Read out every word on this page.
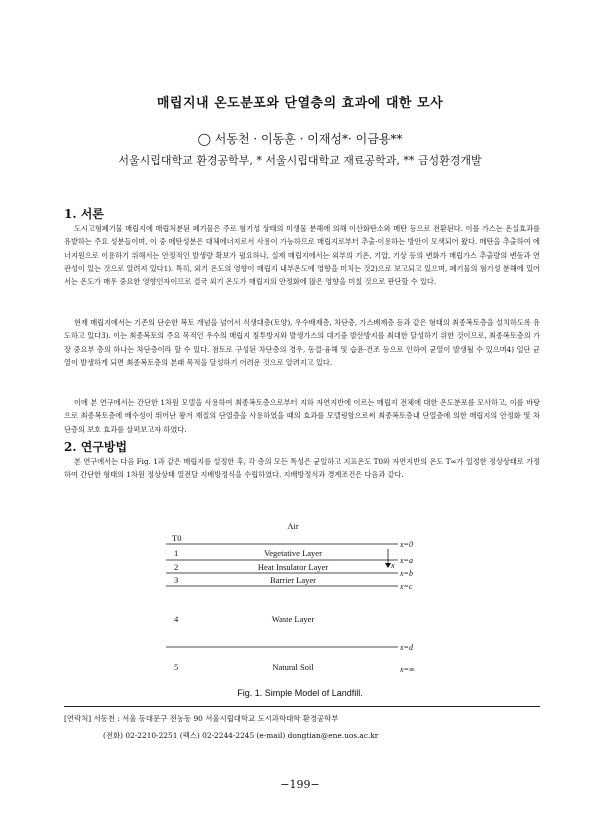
매립지내 온도분포와 단열층의 효과에 대한 모사
◯ 서동천 · 이동훈 · 이재성*· 이금용**
서울시립대학교 환경공학부, * 서울시립대학교 재료공학과, ** 금성환경개발
1. 서론
도시고형폐기물 매립지에 매립처분된 폐기물은 주로 혐기성 상태의 미생물 분해에 의해 이산화탄소와 메탄 등으로 전환된다. 이를 가스는 온실효과를 유발하는 주요 성분들이며, 이 중 메탄성분은 대체에너지로서 사용이 가능하므로 매립지로부터 추출·이용하는 방안이 모색되어 왔다. 메탄을 추출하여 에너지원으로 이용하기 위해서는 안정적인 발생량 확보가 필요하나, 실제 매립지에서는 외부의 기온, 기압, 기상 등의 변화가 매립가스 추출량의 변동과 연관성이 있는 것으로 알려져 있다1). 특히, 외기 온도의 영향이 매립지 내부온도에 영향을 미치는 것2)으로 보고되고 있으며, 폐기물의 혐기성 분해에 있어서는 온도가 매우 중요한 영향인자이므로 결국 외기 온도가 매립지의 안정화에 많은 영향을 미칠 것으로 판단할 수 있다.
현재 매립지에서는 기존의 단순한 복토 개념을 넘어서 식생대층(토양), 우수배제층, 차단층, 가스배제층 등과 같은 형태의 최종복토층을 설치하도록 유도하고 있다3). 이는 최종복토의 주요 목적인 우수의 매립지 침투방지와 발생가스의 대기중 발산방지를 최대한 달성하기 위한 것이므로, 최종복토층의 가장 중요부 층의 하나는 차단층이라 할 수 있다. 점토로 구성된 차단층의 경우, 동결·융해 및 습윤·건조 등으로 인하여 균열이 발생될 수 있으며4) 일단 균열이 발생하게 되면 최종복토층의 본래 목적을 달성하기 어려운 것으로 알려지고 있다.
이에 본 연구에서는 간단한 1차원 모델을 사용하여 최종복토층으로부터 지하 자연지반에 이르는 매립지 전체에 대한 온도분포를 모사하고, 이를 바탕으로 최종복토층에 배수성이 뛰어난 왕겨 재질의 단열층을 사용하였을 때의 효과를 모델링함으로써 최종복토층내 단열층에 의한 매립지의 안정화 및 차단층의 보호 효과를 살펴보고자 하였다.
2. 연구방법
본 연구에서는 다음 Fig. 1과 같은 매립지를 설정한 후, 각 층의 모든 특성은 균일하고 지표온도 T0와 자연지반의 온도 T∞가 일정한 정상상태로 가정하여 간단한 형태의 1차원 정상상태 열전달 지배방정식을 수립하였다. 지배방정식과 경계조건은 다음과 같다.
Air
T0
x=0
1	Vegetative Layer
x=a
2	Heat Insulator Layer
x=b
3	Barrier Layer
x=c
x
4	Waste Layer
x=d
5	Natural Soil	x=∞
Fig. 1. Simple Model of Landfill.
[연락처] 서동천 : 서울 동대문구 전농동 90 서울시립대학교 도시과학대학 환경공학부
(전화) 02-2210-2251 (팩스) 02-2244-2245 (e-mail) dongtian@ene.uos.ac.kr
−199−
